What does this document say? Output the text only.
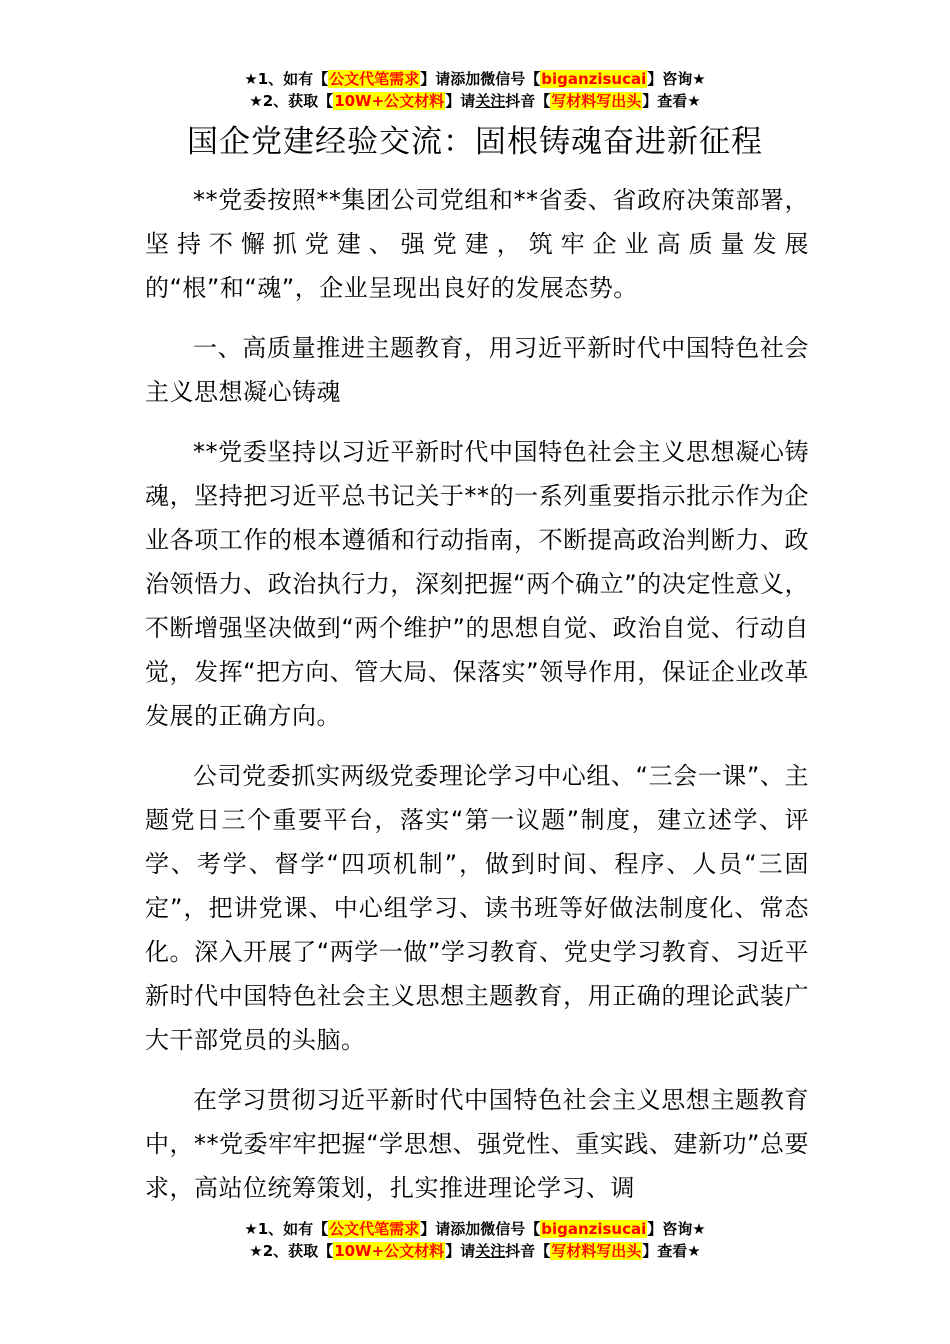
★1、如有【公文代笔需求】请添加微信号【biganzisucai】咨询★
★2、获取【10W+公文材料】请关注抖音【写材料写出头】查看★
国企党建经验交流：固根铸魂奋进新征程

**党委按照**集团公司党组和**省委、省政府决策部署，坚持不懈抓党建、强党建，筑牢企业高质量发展的“根”和“魂”，企业呈现出良好的发展态势。

一、高质量推进主题教育，用习近平新时代中国特色社会主义思想凝心铸魂

**党委坚持以习近平新时代中国特色社会主义思想凝心铸魂，坚持把习近平总书记关于**的一系列重要指示批示作为企业各项工作的根本遵循和行动指南，不断提高政治判断力、政治领悟力、政治执行力，深刻把握“两个确立”的决定性意义，不断增强坚决做到“两个维护”的思想自觉、政治自觉、行动自觉，发挥“把方向、管大局、保落实”领导作用，保证企业改革发展的正确方向。

公司党委抓实两级党委理论学习中心组、“三会一课”、主题党日三个重要平台，落实“第一议题”制度，建立述学、评学、考学、督学“四项机制”，做到时间、程序、人员“三固定”，把讲党课、中心组学习、读书班等好做法制度化、常态化。深入开展了“两学一做”学习教育、党史学习教育、习近平新时代中国特色社会主义思想主题教育，用正确的理论武装广大干部党员的头脑。

在学习贯彻习近平新时代中国特色社会主义思想主题教育中，**党委牢牢把握“学思想、强党性、重实践、建新功”总要求，高站位统筹策划，扎实推进理论学习、调

★1、如有【公文代笔需求】请添加微信号【biganzisucai】咨询★
★2、获取【10W+公文材料】请关注抖音【写材料写出头】查看★
